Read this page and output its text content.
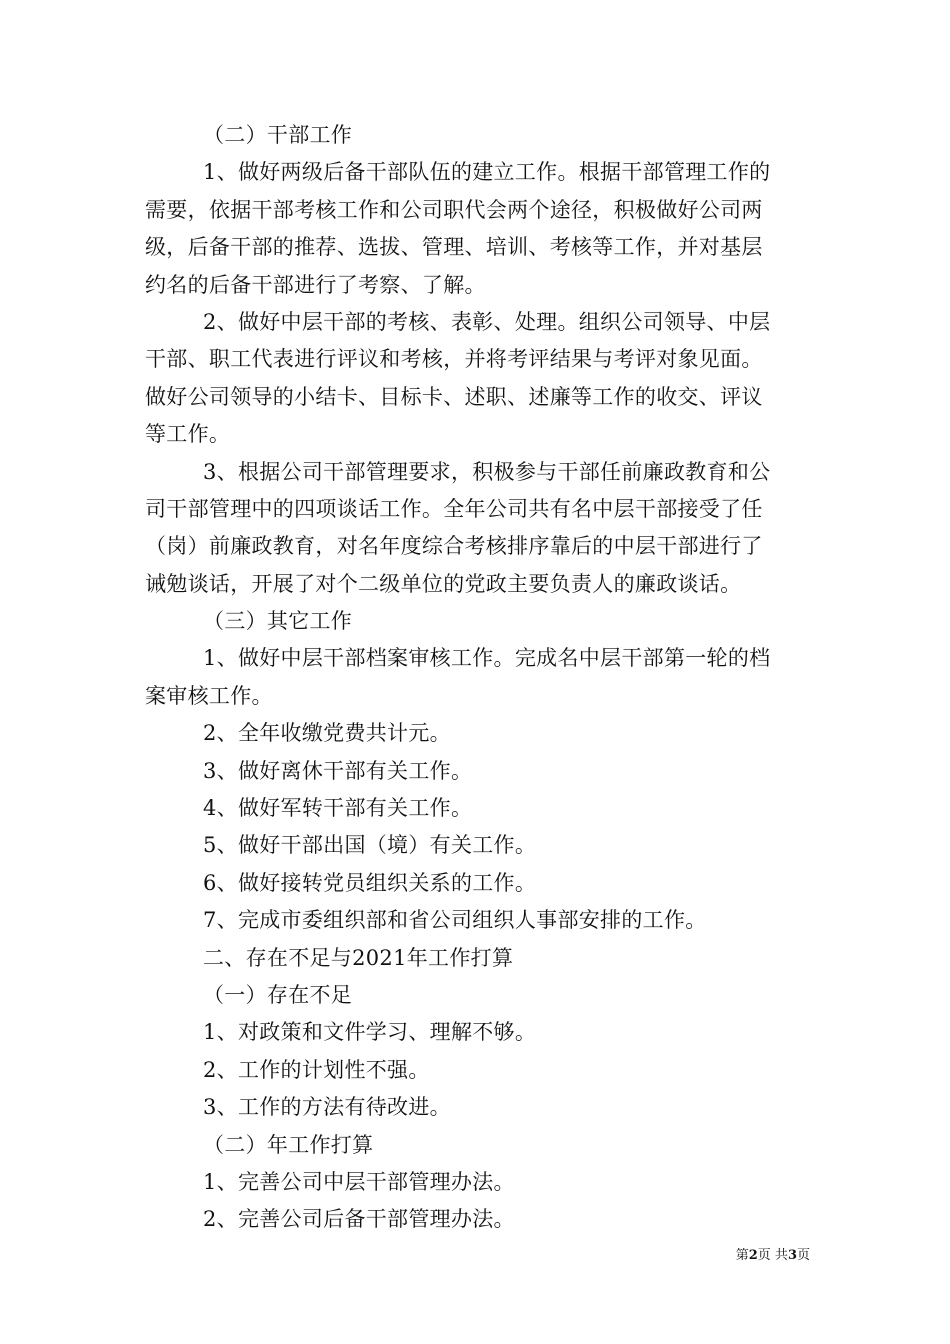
（二）干部工作
1、做好两级后备干部队伍的建立工作。根据干部管理工作的
需要，依据干部考核工作和公司职代会两个途径，积极做好公司两
级，后备干部的推荐、选拔、管理、培训、考核等工作，并对基层
约名的后备干部进行了考察、了解。
2、做好中层干部的考核、表彰、处理。组织公司领导、中层
干部、职工代表进行评议和考核，并将考评结果与考评对象见面。
做好公司领导的小结卡、目标卡、述职、述廉等工作的收交、评议
等工作。
3、根据公司干部管理要求，积极参与干部任前廉政教育和公
司干部管理中的四项谈话工作。全年公司共有名中层干部接受了任
（岗）前廉政教育，对名年度综合考核排序靠后的中层干部进行了
诫勉谈话，开展了对个二级单位的党政主要负责人的廉政谈话。
（三）其它工作
1、做好中层干部档案审核工作。完成名中层干部第一轮的档
案审核工作。
2、全年收缴党费共计元。
3、做好离休干部有关工作。
4、做好军转干部有关工作。
5、做好干部出国（境）有关工作。
6、做好接转党员组织关系的工作。
7、完成市委组织部和省公司组织人事部安排的工作。
二、存在不足与2021年工作打算
（一）存在不足
1、对政策和文件学习、理解不够。
2、工作的计划性不强。
3、工作的方法有待改进。
（二）年工作打算
1、完善公司中层干部管理办法。
2、完善公司后备干部管理办法。
第2页 共3页
